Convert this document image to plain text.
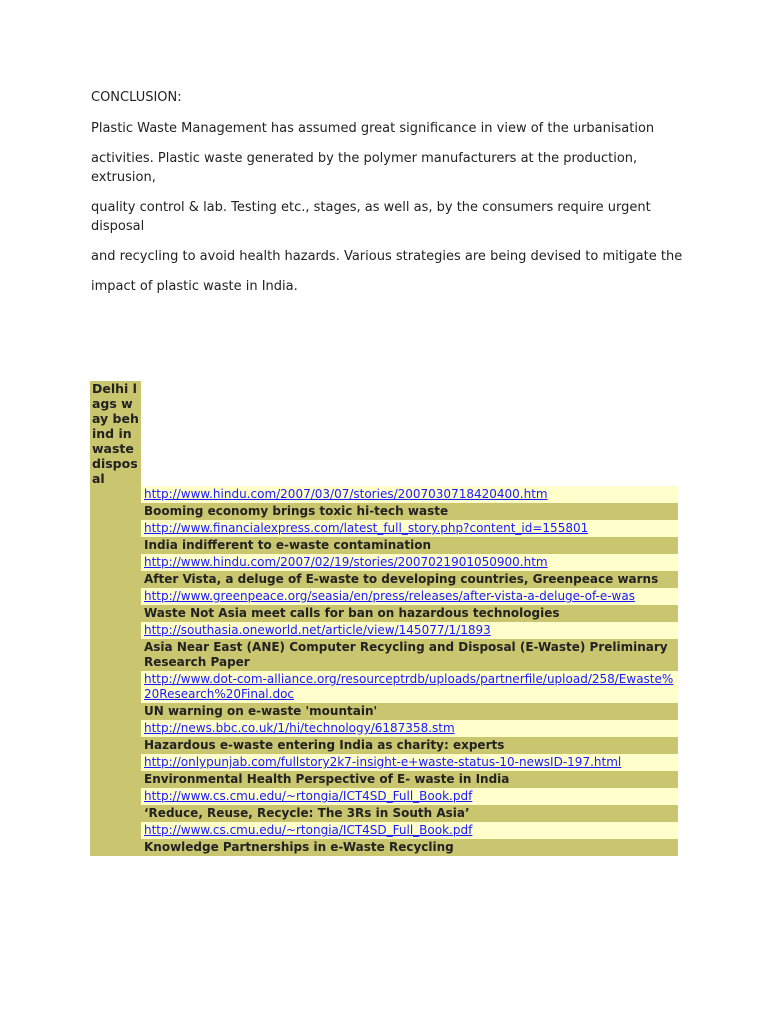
CONCLUSION:

Plastic Waste Management has assumed great significance in view of the urbanisation

activities. Plastic waste generated by the polymer manufacturers at the production, extrusion,

quality control & lab. Testing etc., stages, as well as, by the consumers require urgent disposal

and recycling to avoid health hazards. Various strategies are being devised to mitigate the

impact of plastic waste in India.

Delhi lags way behind in waste disposal	
	http://www.hindu.com/2007/03/07/stories/2007030718420400.htm
	Booming economy brings toxic hi-tech waste
	http://www.financialexpress.com/latest_full_story.php?content_id=155801
	India indifferent to e-waste contamination
	http://www.hindu.com/2007/02/19/stories/2007021901050900.htm
	After Vista, a deluge of E-waste to developing countries, Greenpeace warns
	http://www.greenpeace.org/seasia/en/press/releases/after-vista-a-deluge-of-e-was
	Waste Not Asia meet calls for ban on hazardous technologies
	http://southasia.oneworld.net/article/view/145077/1/1893
	Asia Near East (ANE) Computer Recycling and Disposal (E-Waste) Preliminary Research Paper
	http://www.dot-com-alliance.org/resourceptrdb/uploads/partnerfile/upload/258/Ewaste%20Research%20Final.doc
	UN warning on e-waste 'mountain'
	http://news.bbc.co.uk/1/hi/technology/6187358.stm
	Hazardous e-waste entering India as charity: experts
	http://onlypunjab.com/fullstory2k7-insight-e+waste-status-10-newsID-197.html
	Environmental Health Perspective of E- waste in India
	http://www.cs.cmu.edu/~rtongia/ICT4SD_Full_Book.pdf
	‘Reduce, Reuse, Recycle: The 3Rs in South Asia’
	http://www.cs.cmu.edu/~rtongia/ICT4SD_Full_Book.pdf
	Knowledge Partnerships in e-Waste Recycling
